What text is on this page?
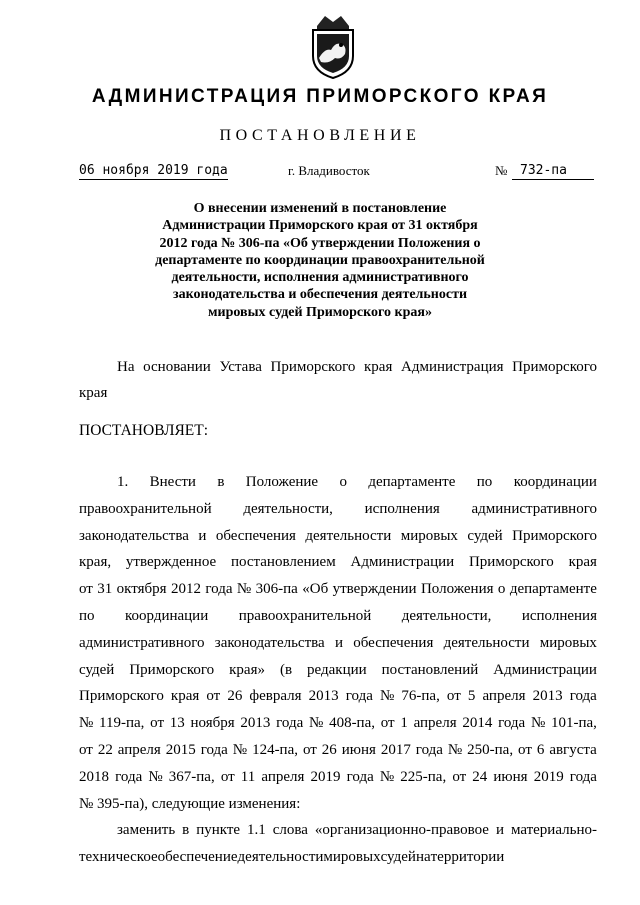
АДМИНИСТРАЦИЯ ПРИМОРСКОГО КРАЯ
ПОСТАНОВЛЕНИЕ
06 ноября 2019 года	г. Владивосток	№ 732-па
О внесении изменений в постановление
Администрации Приморского края от 31 октября
2012 года № 306-па «Об утверждении Положения о
департаменте по координации правоохранительной
деятельности, исполнения административного
законодательства и обеспечения деятельности
мировых судей Приморского края»
На основании Устава Приморского края Администрация Приморского
края
ПОСТАНОВЛЯЕТ:
1. Внести в Положение о департаменте по координации
правоохранительной деятельности, исполнения административного
законодательства и обеспечения деятельности мировых судей Приморского
края, утвержденное постановлением Администрации Приморского края
от 31 октября 2012 года № 306-па «Об утверждении Положения о департаменте
по координации правоохранительной деятельности, исполнения
административного законодательства и обеспечения деятельности мировых
судей Приморского края» (в редакции постановлений Администрации
Приморского края от 26 февраля 2013 года № 76-па, от 5 апреля 2013 года
№ 119-па, от 13 ноября 2013 года № 408-па, от 1 апреля 2014 года № 101-па,
от 22 апреля 2015 года № 124-па, от 26 июня 2017 года № 250-па, от 6 августа
2018 года № 367-па, от 11 апреля 2019 года № 225-па, от 24 июня 2019 года
№ 395-па), следующие изменения:
заменить в пункте 1.1 слова «организационно-правовое и материально-
техническое обеспечение деятельности мировых судей на территории
